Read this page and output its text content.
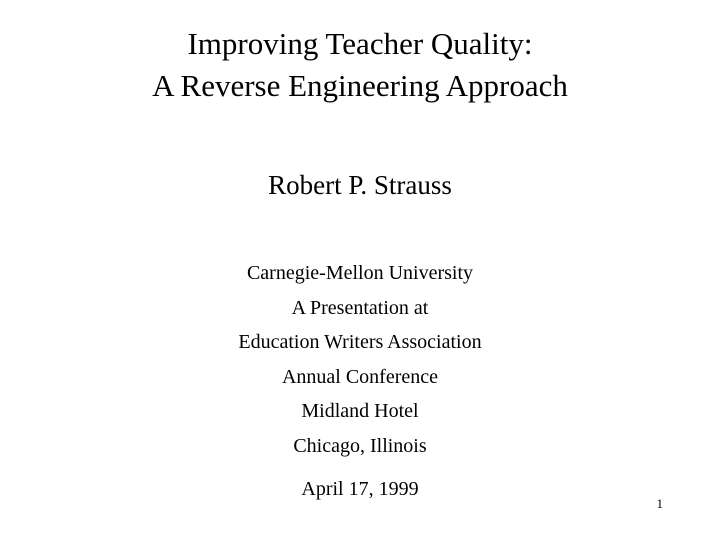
Improving Teacher Quality:
A Reverse Engineering Approach
Robert P. Strauss
Carnegie-Mellon University
A Presentation at
Education Writers Association
Annual Conference
Midland Hotel
Chicago, Illinois
April 17, 1999
1
